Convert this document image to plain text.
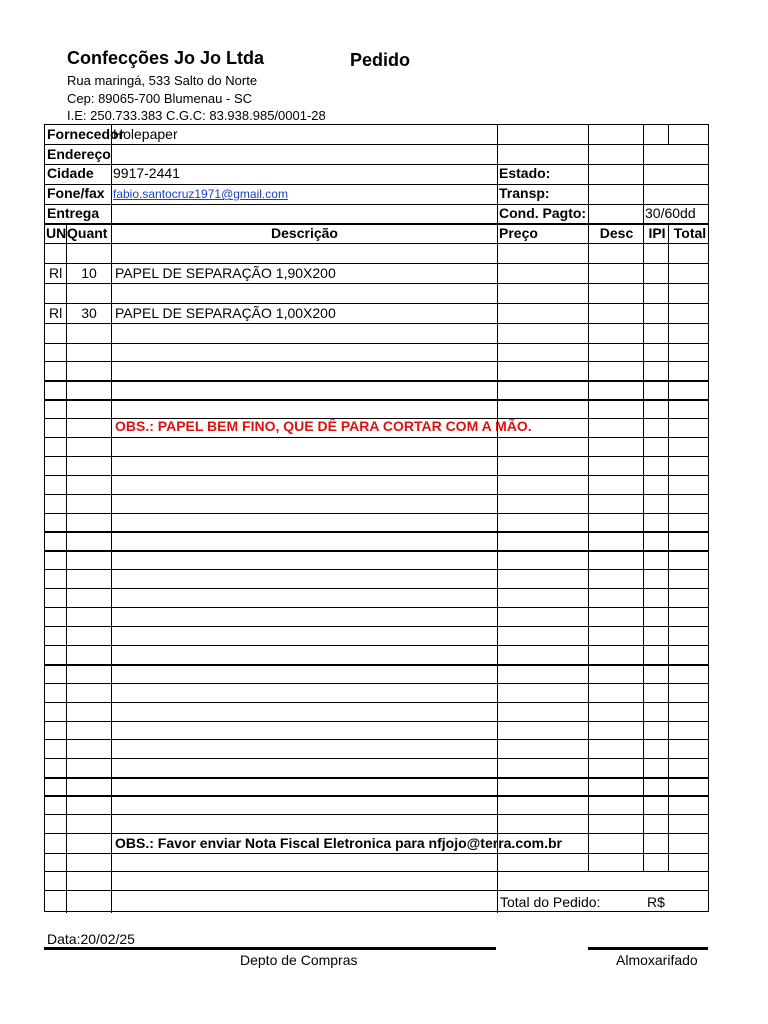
Confecções Jo Jo Ltda	Pedido
Rua maringá, 533 Salto do Norte
Cep: 89065-700 Blumenau - SC
I.E: 250.733.383 C.G.C: 83.938.985/0001-28
Fornecedor
Holepaper
Endereço
Cidade 9917-2441	Estado:
Fone/fax fabio.santocruz1971@gmail.com	Transp:
Entrega	Cond. Pagto:	30/60dd
UN Quant	Descrição	Preço	Desc	IPI Total
Rl	10	PAPEL DE SEPARAÇÃO 1,90X200
Rl	30	PAPEL DE SEPARAÇÃO 1,00X200
OBS.: PAPEL BEM FINO, QUE DÊ PARA CORTAR COM A MÃO.
OBS.: Favor enviar Nota Fiscal Eletronica para nfjojo@terra.com.br
Total do Pedido:	R$
Data:20/02/25
Depto de Compras	Almoxarifado
